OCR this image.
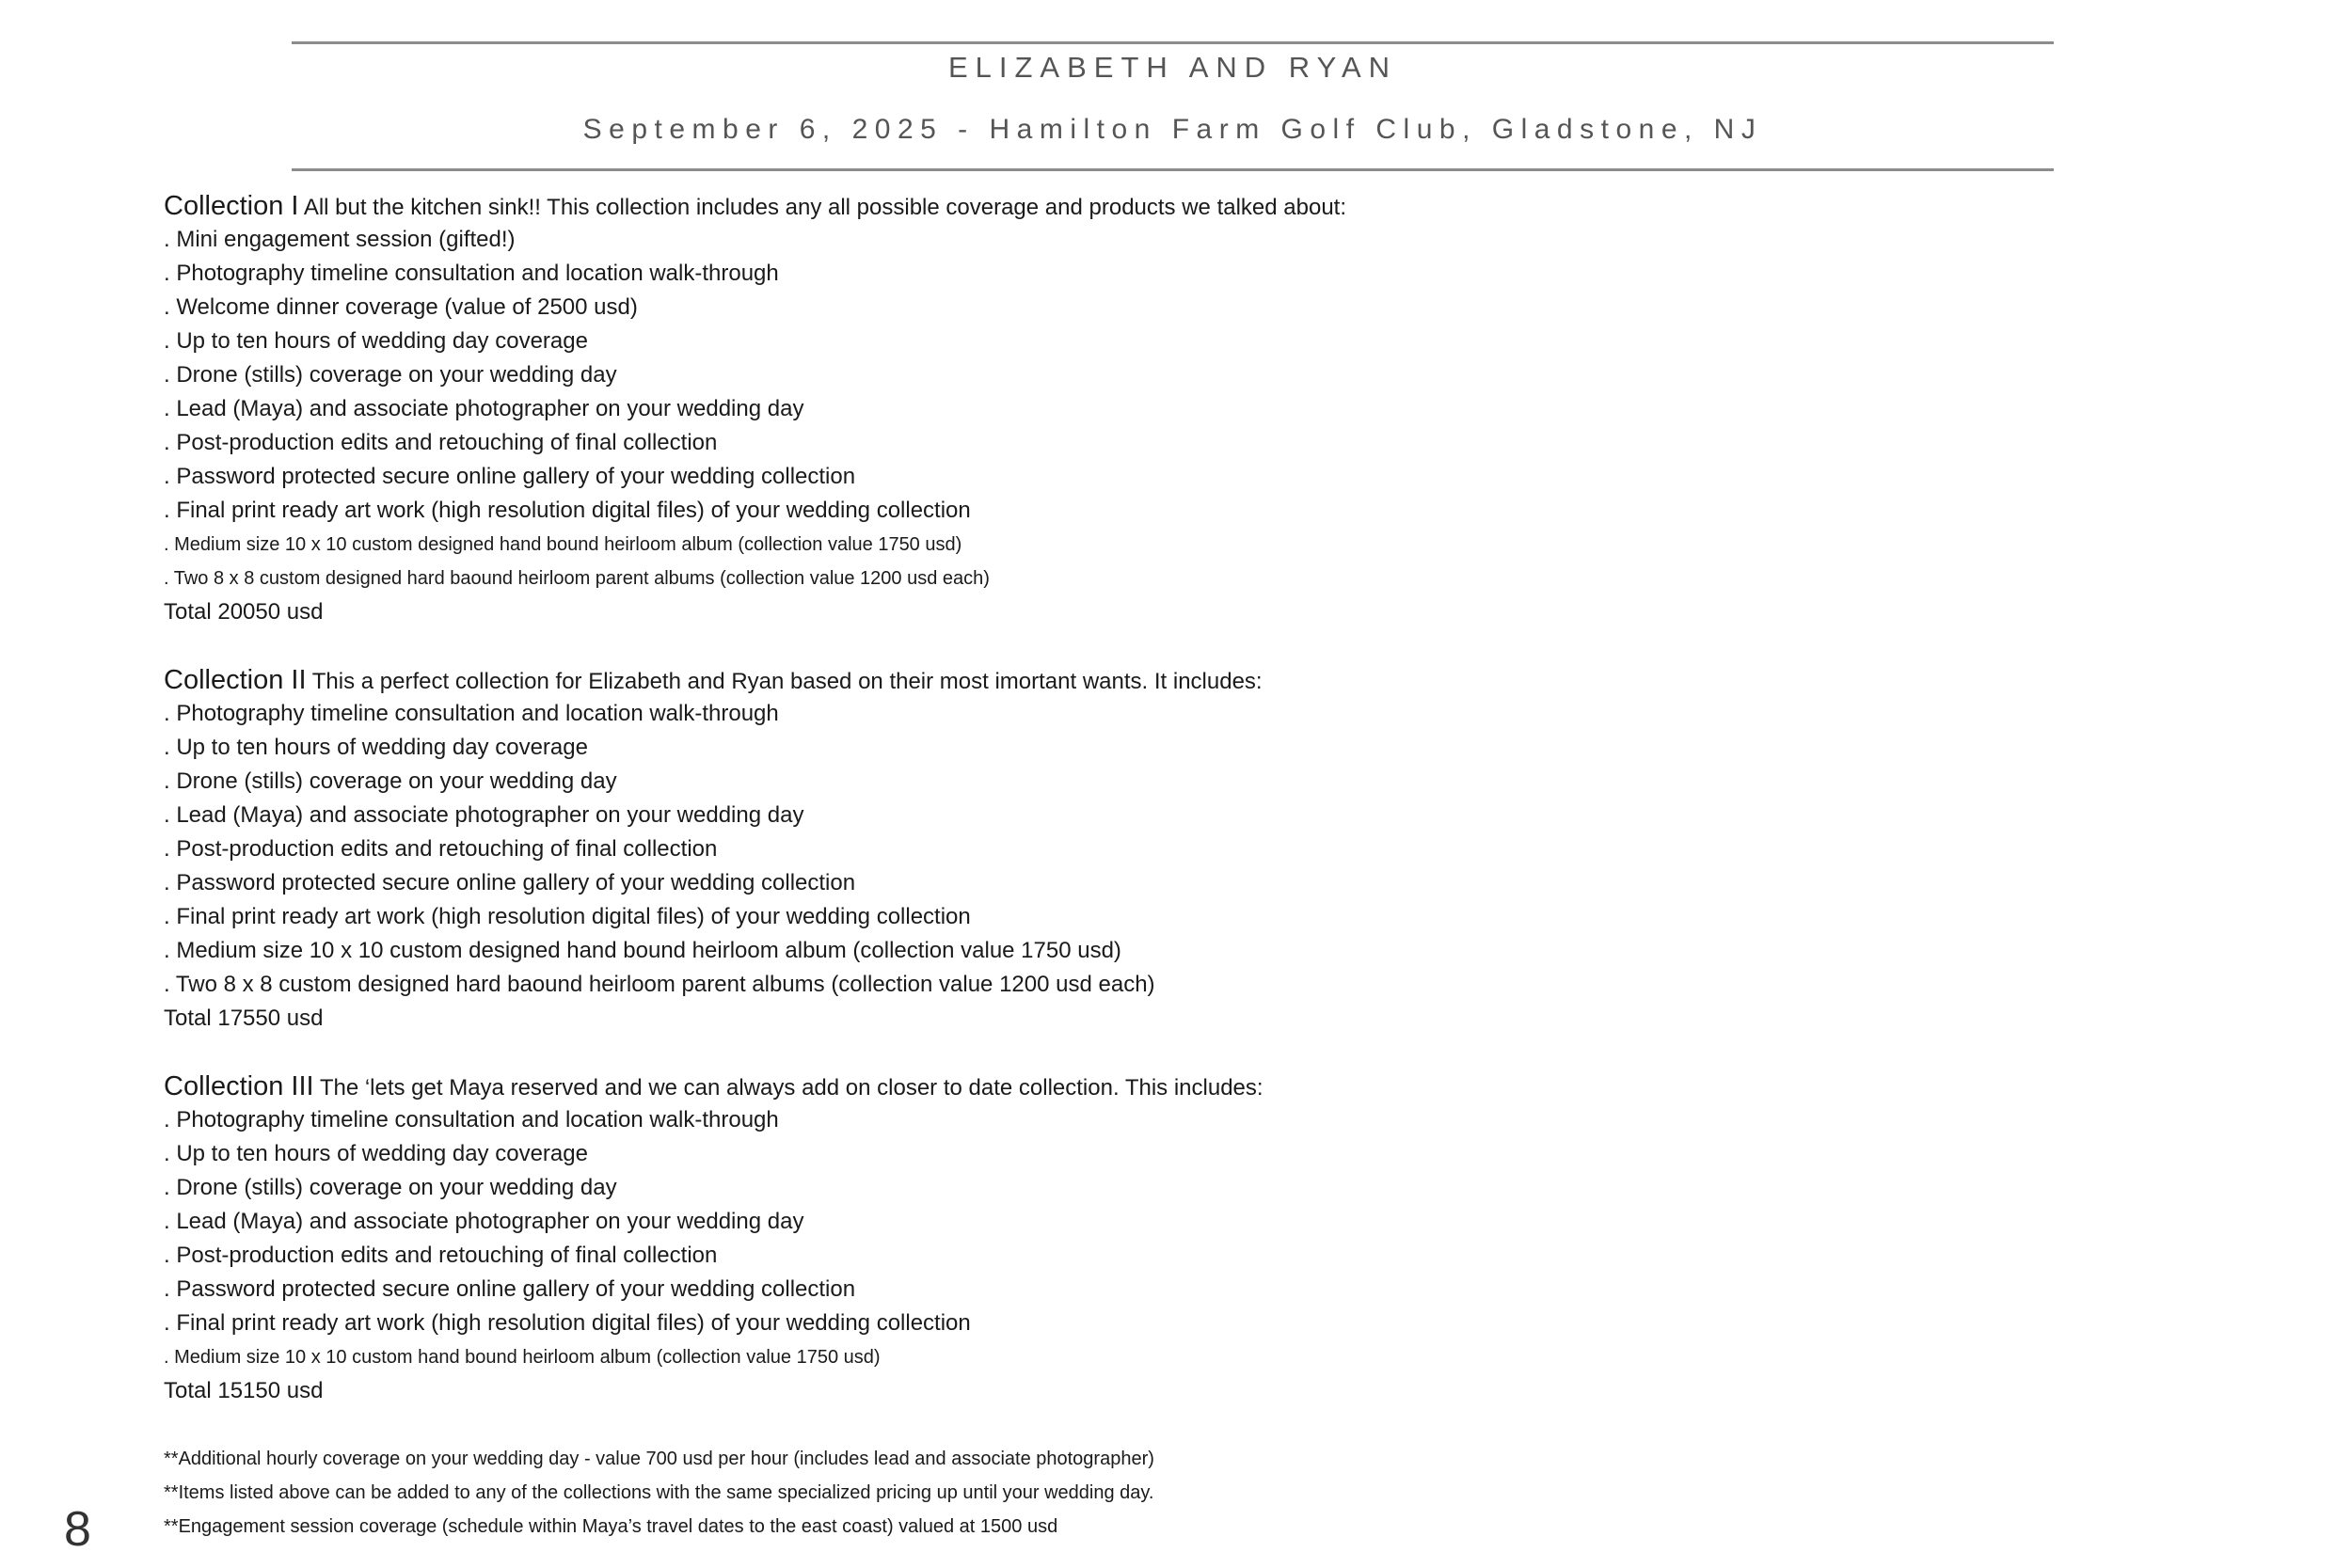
ELIZABETH AND RYAN
September 6, 2025 - Hamilton Farm Golf Club, Gladstone, NJ
Collection I All but the kitchen sink!! This collection includes any all possible coverage and products we talked about:
. Mini engagement session (gifted!)
. Photography timeline consultation and location walk-through
. Welcome dinner coverage (value of 2500 usd)
. Up to ten hours of wedding day coverage
. Drone (stills) coverage on your wedding day
. Lead (Maya) and associate photographer on your wedding day
. Post-production edits and retouching of final collection
. Password protected secure online gallery of your wedding collection
. Final print ready art work (high resolution digital files) of your wedding collection
. Medium size 10 x 10 custom designed hand bound heirloom album (collection value 1750 usd)
. Two 8 x 8 custom designed hard baound heirloom parent albums (collection value 1200 usd each)
Total 20050 usd
Collection II This a perfect collection for Elizabeth and Ryan based on their most imortant wants. It includes:
. Photography timeline consultation and location walk-through
. Up to ten hours of wedding day coverage
. Drone (stills) coverage on your wedding day
. Lead (Maya) and associate photographer on your wedding day
. Post-production edits and retouching of final collection
. Password protected secure online gallery of your wedding collection
. Final print ready art work (high resolution digital files) of your wedding collection
. Medium size 10 x 10 custom designed hand bound heirloom album (collection value 1750 usd)
. Two 8 x 8 custom designed hard baound heirloom parent albums (collection value 1200 usd each)
Total 17550 usd
Collection III The ‘lets get Maya reserved and we can always add on closer to date collection. This includes:
. Photography timeline consultation and location walk-through
. Up to ten hours of wedding day coverage
. Drone (stills) coverage on your wedding day
. Lead (Maya) and associate photographer on your wedding day
. Post-production edits and retouching of final collection
. Password protected secure online gallery of your wedding collection
. Final print ready art work (high resolution digital files) of your wedding collection
. Medium size 10 x 10 custom hand bound heirloom album (collection value 1750 usd)
Total 15150 usd
**Additional hourly coverage on your wedding day - value 700 usd per hour (includes lead and associate photographer)
**Items listed above can be added to any of the collections with the same specialized pricing up until your wedding day.
**Engagement session coverage (schedule within Maya’s travel dates to the east coast) valued at 1500 usd
8
